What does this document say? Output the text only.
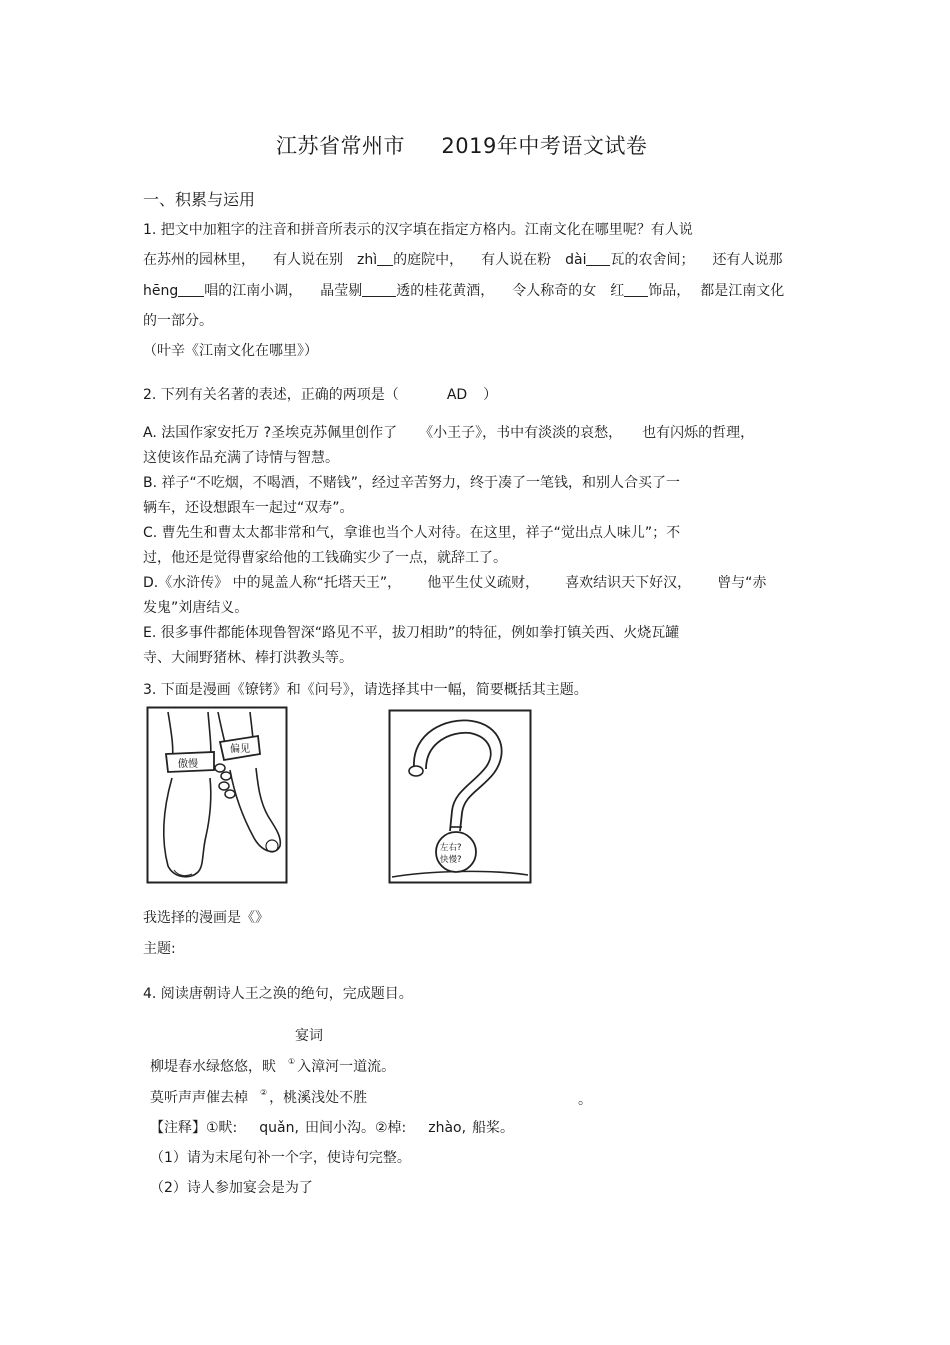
江苏省常州市 2019年中考语文试卷
一、积累与运用
1. 把文中加粗字的注音和拼音所表示的汉字填在指定方格内。江南文化在哪里呢？有人说
在苏州的园林里， 有人说在别 zhì 的庭院中， 有人说在粉 dài 瓦的农舍间； 还有人说那
hēng 唱的江南小调， 晶莹剔 透的桂花黄酒， 令人称奇的女 红 饰品， 都是江南文化
的一部分。
（叶辛《江南文化在哪里》）
2. 下列有关名著的表述，正确的两项是（	AD ）
A. 法国作家安托万 ?圣埃克苏佩里创作了 《小王子》，书中有淡淡的哀愁， 也有闪烁的哲理，
这使该作品充满了诗情与智慧。
B. 祥子“不吃烟，不喝酒，不赌钱”，经过辛苦努力，终于凑了一笔钱，和别人合买了一
辆车，还设想跟车一起过“双寿”。
C. 曹先生和曹太太都非常和气，拿谁也当个人对待。在这里，祥子“觉出点人味儿”；不
过，他还是觉得曹家给他的工钱确实少了一点，就辞工了。
D.《水浒传》 中的晁盖人称“托塔天王”， 他平生仗义疏财， 喜欢结识天下好汉， 曾与“赤
发鬼”刘唐结义。
E. 很多事件都能体现鲁智深“路见不平，拔刀相助”的特征，例如拳打镇关西、火烧瓦罐
寺、大闹野猪林、棒打洪教头等。
3. 下面是漫画《镣铐》和《问号》，请选择其中一幅，简要概括其主题。
傲慢
偏见
左右?
快慢?
我选择的漫画是《》
主题:
4. 阅读唐朝诗人王之涣的绝句，完成题目。
宴词
柳堤春水绿悠悠，畎 ① 入漳河一道流。
莫听声声催去棹 ② ，桃溪浅处不胜	。
【注释】①畎: quǎn, 田间小沟。②棹: zhào, 船桨。
（1）请为末尾句补一个字，使诗句完整。
（2）诗人参加宴会是为了
